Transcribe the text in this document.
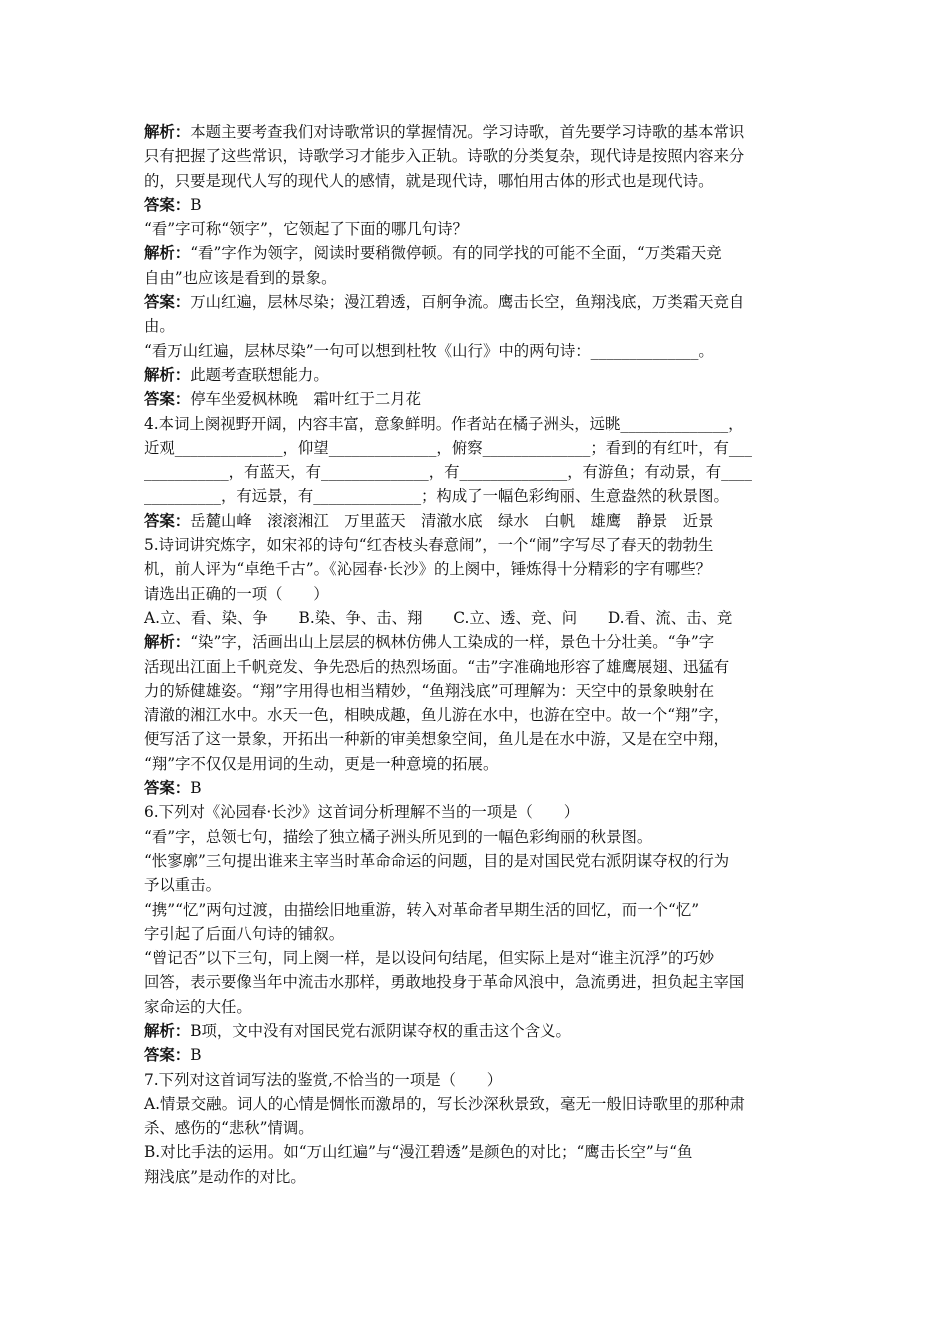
解析：本题主要考查我们对诗歌常识的掌握情况。学习诗歌，首先要学习诗歌的基本常识
只有把握了这些常识，诗歌学习才能步入正轨。诗歌的分类复杂，现代诗是按照内容来分
的，只要是现代人写的现代人的感情，就是现代诗，哪怕用古体的形式也是现代诗。
答案：B
“看”字可称“领字”，它领起了下面的哪几句诗？
解析：“看”字作为领字，阅读时要稍微停顿。有的同学找的可能不全面，“万类霜天竞
自由”也应该是看到的景象。
答案：万山红遍，层林尽染；漫江碧透，百舸争流。鹰击长空，鱼翔浅底，万类霜天竞自
由。
“看万山红遍，层林尽染”一句可以想到杜牧《山行》中的两句诗：______________。
解析：此题考查联想能力。
答案：停车坐爱枫林晚　霜叶红于二月花
4.本词上阕视野开阔，内容丰富，意象鲜明。作者站在橘子洲头，远眺______________，
近观______________，仰望______________，俯察______________；看到的有红叶，有___
___________，有蓝天，有______________，有______________，有游鱼；有动景，有____
__________，有远景，有______________；构成了一幅色彩绚丽、生意盎然的秋景图。
答案：岳麓山峰　滚滚湘江　万里蓝天　清澈水底　绿水　白帆　雄鹰　静景　近景
5.诗词讲究炼字，如宋祁的诗句“红杏枝头春意闹”，一个“闹”字写尽了春天的勃勃生
机，前人评为“卓绝千古”。《沁园春·长沙》的上阕中，锤炼得十分精彩的字有哪些？
请选出正确的一项（　　）
A.立、看、染、争　　B.染、争、击、翔　　C.立、透、竞、问　　D.看、流、击、竞
解析：“染”字，活画出山上层层的枫林仿佛人工染成的一样，景色十分壮美。“争”字
活现出江面上千帆竞发、争先恐后的热烈场面。“击”字准确地形容了雄鹰展翅、迅猛有
力的矫健雄姿。“翔”字用得也相当精妙，“鱼翔浅底”可理解为：天空中的景象映射在
清澈的湘江水中。水天一色，相映成趣，鱼儿游在水中，也游在空中。故一个“翔”字，
便写活了这一景象，开拓出一种新的审美想象空间，鱼儿是在水中游，又是在空中翔，
“翔”字不仅仅是用词的生动，更是一种意境的拓展。
答案：B
6.下列对《沁园春·长沙》这首词分析理解不当的一项是（　　）
“看”字，总领七句，描绘了独立橘子洲头所见到的一幅色彩绚丽的秋景图。
“怅寥廓”三句提出谁来主宰当时革命命运的问题，目的是对国民党右派阴谋夺权的行为
予以重击。
“携”“忆”两句过渡，由描绘旧地重游，转入对革命者早期生活的回忆，而一个“忆”
字引起了后面八句诗的铺叙。
“曾记否”以下三句，同上阕一样，是以设问句结尾，但实际上是对“谁主沉浮”的巧妙
回答，表示要像当年中流击水那样，勇敢地投身于革命风浪中，急流勇进，担负起主宰国
家命运的大任。
解析：B项，文中没有对国民党右派阴谋夺权的重击这个含义。
答案：B
7.下列对这首词写法的鉴赏,不恰当的一项是（　　）
A.情景交融。词人的心情是惆怅而激昂的，写长沙深秋景致，毫无一般旧诗歌里的那种肃
杀、感伤的“悲秋”情调。
B.对比手法的运用。如“万山红遍”与“漫江碧透”是颜色的对比；“鹰击长空”与“鱼
翔浅底”是动作的对比。
